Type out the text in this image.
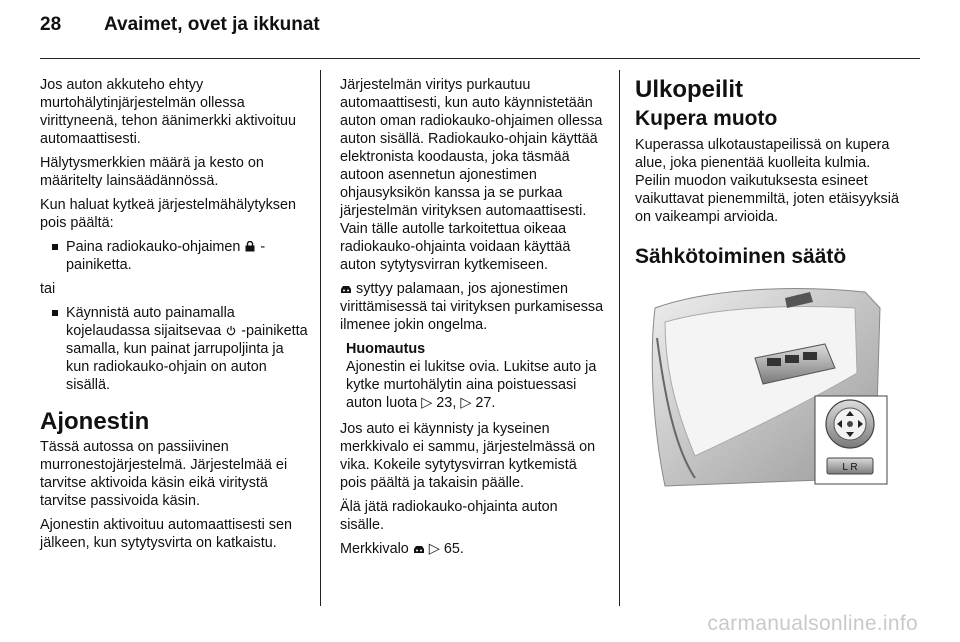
28 Avaimet, ovet ja ikkunat

Jos auton akkuteho ehtyy murtohälytinjärjestelmän ollessa virittyneenä, tehon äänimerkki aktivoituu automaattisesti.

Hälytysmerkkien määrä ja kesto on määritelty lainsäädännössä.

Kun haluat kytkeä järjestelmähälytyksen pois päältä:

Paina radiokauko-ohjaimen  -painiketta.

tai

Käynnistä auto painamalla kojelaudassa sijaitsevaa  -painiketta samalla, kun painat jarrupoljinta ja kun radiokauko-ohjain on auton sisällä.
Ajonestin

Tässä autossa on passiivinen murronestojärjestelmä. Järjestelmää ei tarvitse aktivoida käsin eikä viritystä tarvitse passivoida käsin.

Ajonestin aktivoituu automaattisesti sen jälkeen, kun sytytysvirta on katkaistu.

Järjestelmän viritys purkautuu automaattisesti, kun auto käynnistetään auton oman radiokauko-ohjaimen ollessa auton sisällä. Radiokauko-ohjain käyttää elektronista koodausta, joka täsmää autoon asennetun ajonestimen ohjausyksikön kanssa ja se purkaa järjestelmän virityksen automaattisesti. Vain tälle autolle tarkoitettua oikeaa radiokauko-ohjainta voidaan käyttää auton sytytysvirran kytkemiseen.

syttyy palamaan, jos ajonestimen virittämisessä tai virityksen purkamisessa ilmenee jokin ongelma.

Huomautus
Ajonestin ei lukitse ovia. Lukitse auto ja kytke murtohälytin aina poistuessasi auton luota ▷ 23, ▷ 27.

Jos auto ei käynnisty ja kyseinen merkkivalo ei sammu, järjestelmässä on vika. Kokeile sytytysvirran kytkemistä pois päältä ja takaisin päälle.

Älä jätä radiokauko-ohjainta auton sisälle.

Merkkivalo  ▷ 65.

Ulkopeilit
Kupera muoto

Kuperassa ulkotaustapeilissä on kupera alue, joka pienentää kuolleita kulmia. Peilin muodon vaikutuksesta esineet vaikuttavat pienemmiltä, joten etäisyyksiä on vaikeampi arvioida.

Sähkötoiminen säätö
L R
carmanualsonline.info
